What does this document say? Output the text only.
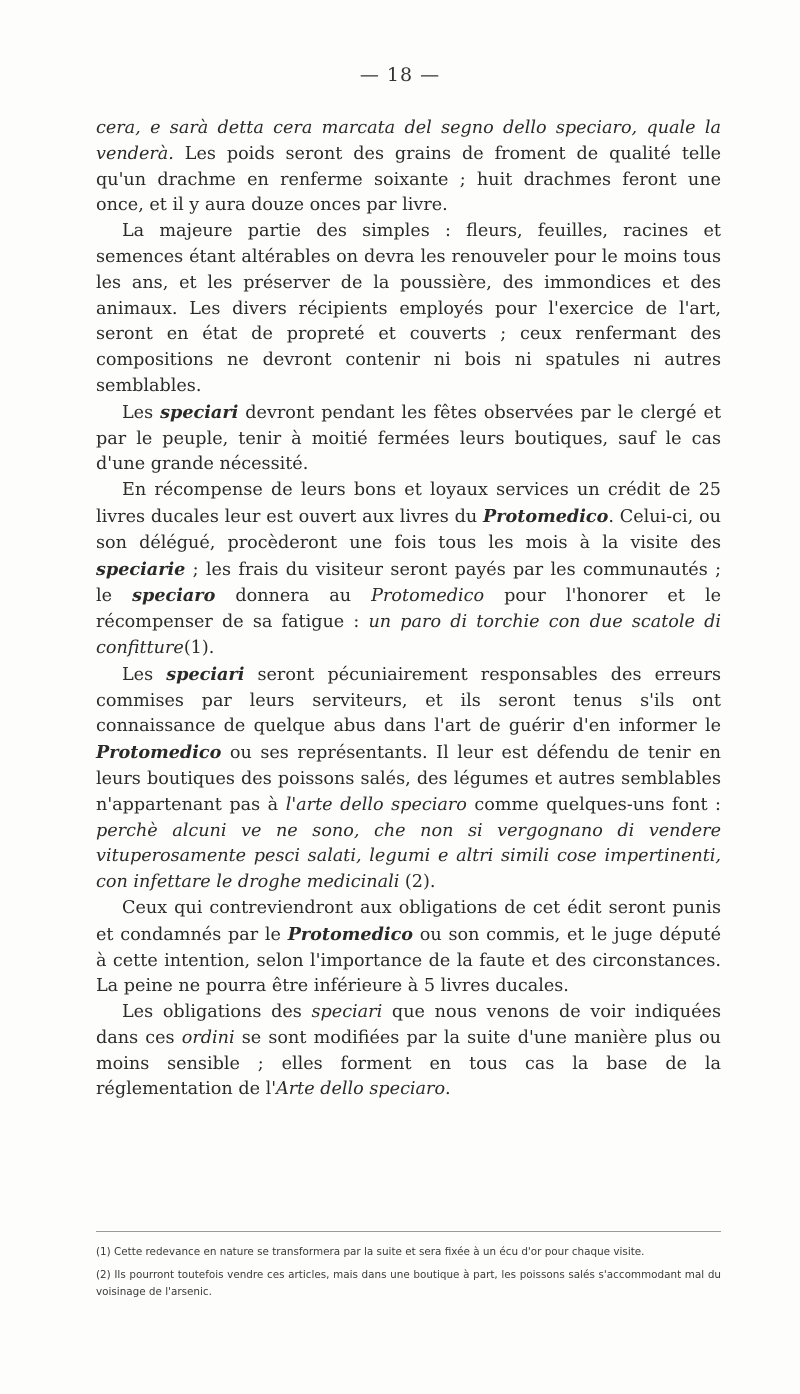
— 18 —

cera, e sarà detta cera marcata del segno dello speciaro, quale la venderà. Les poids seront des grains de froment de qualité telle qu'un drachme en renferme soixante ; huit drachmes feront une once, et il y aura douze onces par livre.

La majeure partie des simples : fleurs, feuilles, racines et semences étant altérables on devra les renouveler pour le moins tous les ans, et les préserver de la poussière, des immondices et des animaux. Les divers récipients employés pour l'exercice de l'art, seront en état de propreté et couverts ; ceux renfermant des compositions ne devront contenir ni bois ni spatules ni autres semblables.

Les speciari devront pendant les fêtes observées par le clergé et par le peuple, tenir à moitié fermées leurs boutiques, sauf le cas d'une grande nécessité.

En récompense de leurs bons et loyaux services un crédit de 25 livres ducales leur est ouvert aux livres du Protomedico. Celui-ci, ou son délégué, procèderont une fois tous les mois à la visite des speciarie ; les frais du visiteur seront payés par les communautés ; le speciaro donnera au Protomedico pour l'honorer et le récompenser de sa fatigue : un paro di torchie con due scatole di confitture(1).

Les speciari seront pécuniairement responsables des erreurs commises par leurs serviteurs, et ils seront tenus s'ils ont connaissance de quelque abus dans l'art de guérir d'en informer le Protomedico ou ses représentants. Il leur est défendu de tenir en leurs boutiques des poissons salés, des légumes et autres semblables n'appartenant pas à l'arte dello speciaro comme quelques-uns font : perchè alcuni ve ne sono, che non si vergognano di vendere vituperosamente pesci salati, legumi e altri simili cose impertinenti, con infettare le droghe medicinali (2).

Ceux qui contreviendront aux obligations de cet édit seront punis et condamnés par le Protomedico ou son commis, et le juge député à cette intention, selon l'importance de la faute et des circonstances. La peine ne pourra être inférieure à 5 livres ducales.

Les obligations des speciari que nous venons de voir indiquées dans ces ordini se sont modifiées par la suite d'une manière plus ou moins sensible ; elles forment en tous cas la base de la réglementation de l'Arte dello speciaro.

(1) Cette redevance en nature se transformera par la suite et sera fixée à un écu d'or pour chaque visite.

(2) Ils pourront toutefois vendre ces articles, mais dans une boutique à part, les poissons salés s'accommodant mal du voisinage de l'arsenic.
